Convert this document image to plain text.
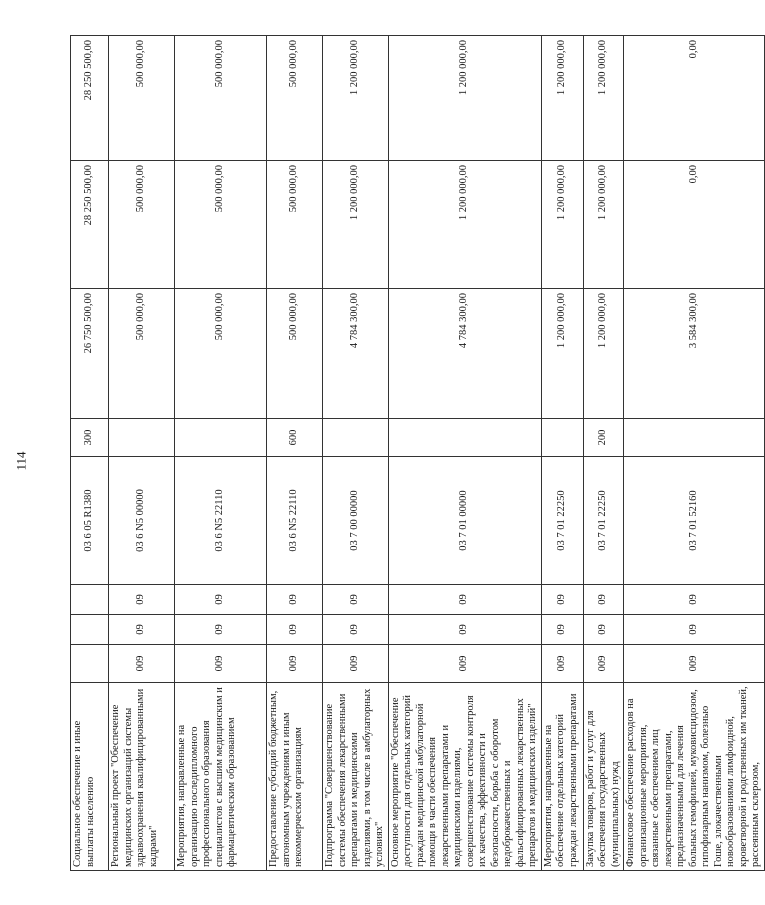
114
Социальное обеспечение и иные выплаты населению				03 6 05 R1380	300	26 750 500,00	28 250 500,00	28 250 500,00
Региональный проект "Обеспечение медицинских организаций системы здравоохранения квалифицированными кадрами"	009	09	09	03 6 N5 00000		500 000,00	500 000,00	500 000,00
Мероприятия, направленные на организацию последипломного профессионального образования специалистов с высшим медицинским и фармацевтическим образованием	009	09	09	03 6 N5 22110		500 000,00	500 000,00	500 000,00
Предоставление субсидий бюджетным, автономным учреждениям и иным некоммерческим организациям	009	09	09	03 6 N5 22110	600	500 000,00	500 000,00	500 000,00
Подпрограмма "Совершенствование системы обеспечения лекарственными препаратами и медицинскими изделиями, в том числе в амбулаторных условиях"	009	09	09	03 7 00 00000		4 784 300,00	1 200 000,00	1 200 000,00
Основное мероприятие "Обеспечение доступности для отдельных категорий граждан медицинской амбулаторной помощи в части обеспечения лекарственными препаратами и медицинскими изделиями, совершенствование системы контроля их качества, эффективности и безопасности, борьба с оборотом недоброкачественных и фальсифицированных лекарственных препаратов и медицинских изделий"	009	09	09	03 7 01 00000		4 784 300,00	1 200 000,00	1 200 000,00
Мероприятия, направленные на обеспечение отдельных категорий граждан лекарственными препаратами	009	09	09	03 7 01 22250		1 200 000,00	1 200 000,00	1 200 000,00
Закупка товаров, работ и услуг для обеспечения государственных (муниципальных) нужд	009	09	09	03 7 01 22250	200	1 200 000,00	1 200 000,00	1 200 000,00
Финансовое обеспечение расходов на организационные мероприятия, связанные с обеспечением лиц лекарственными препаратами, предназначенными для лечения больных гемофилией, муковисцидозом, гипофизарным нанизмом, болезнью Гоше, злокачественными новообразованиями лимфоидной, кроветворной и родственных им тканей, рассеянным склерозом,	009	09	09	03 7 01 52160		3 584 300,00	0,00	0,00
